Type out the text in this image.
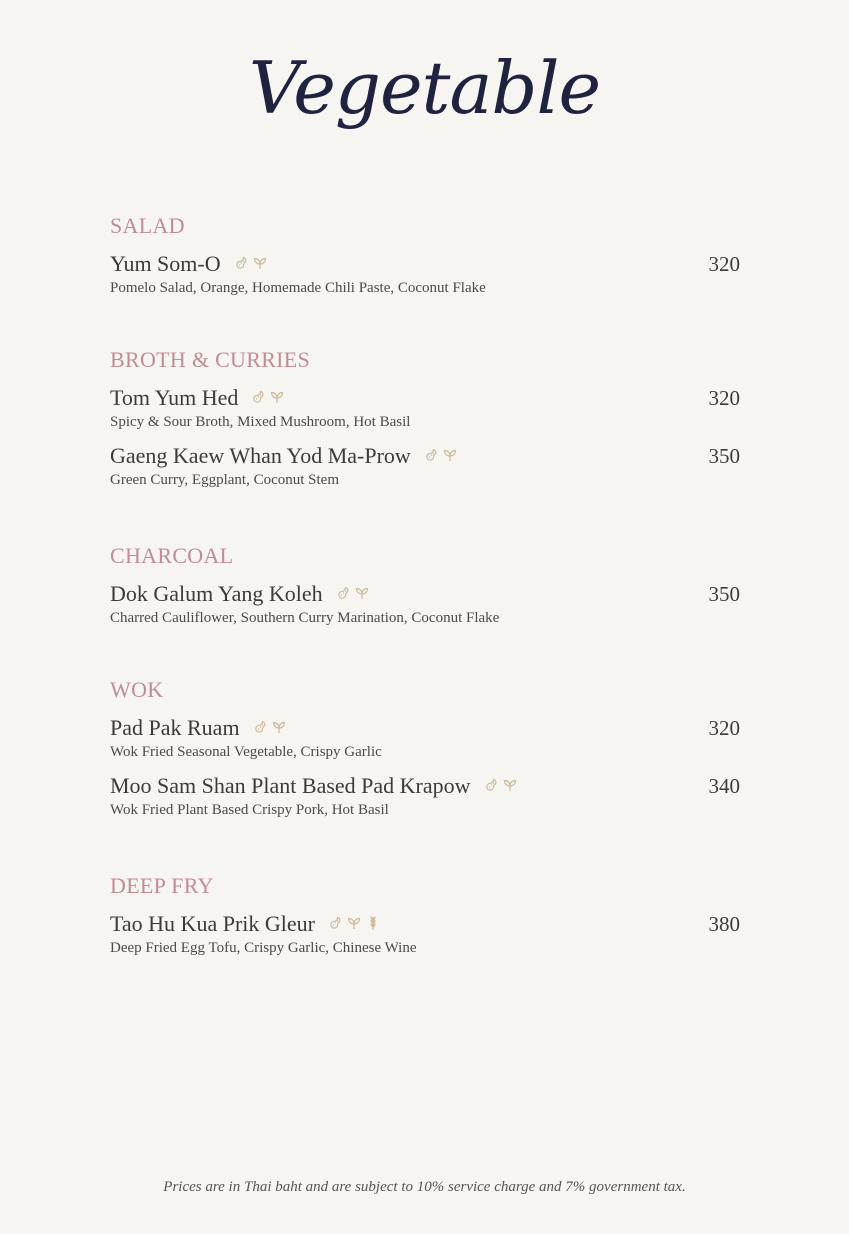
Vegetable
SALAD
Yum Som-O	320
Pomelo Salad, Orange, Homemade Chili Paste, Coconut Flake
BROTH & CURRIES
Tom Yum Hed	320
Spicy & Sour Broth, Mixed Mushroom, Hot Basil
Gaeng Kaew Whan Yod Ma-Prow	350
Green Curry, Eggplant, Coconut Stem
CHARCOAL
Dok Galum Yang Koleh	350
Charred Cauliflower, Southern Curry Marination, Coconut Flake
WOK
Pad Pak Ruam	320
Wok Fried Seasonal Vegetable, Crispy Garlic
Moo Sam Shan Plant Based Pad Krapow	340
Wok Fried Plant Based Crispy Pork, Hot Basil
DEEP FRY
Tao Hu Kua Prik Gleur	380
Deep Fried Egg Tofu, Crispy Garlic, Chinese Wine
Prices are in Thai baht and are subject to 10% service charge and 7% government tax.
